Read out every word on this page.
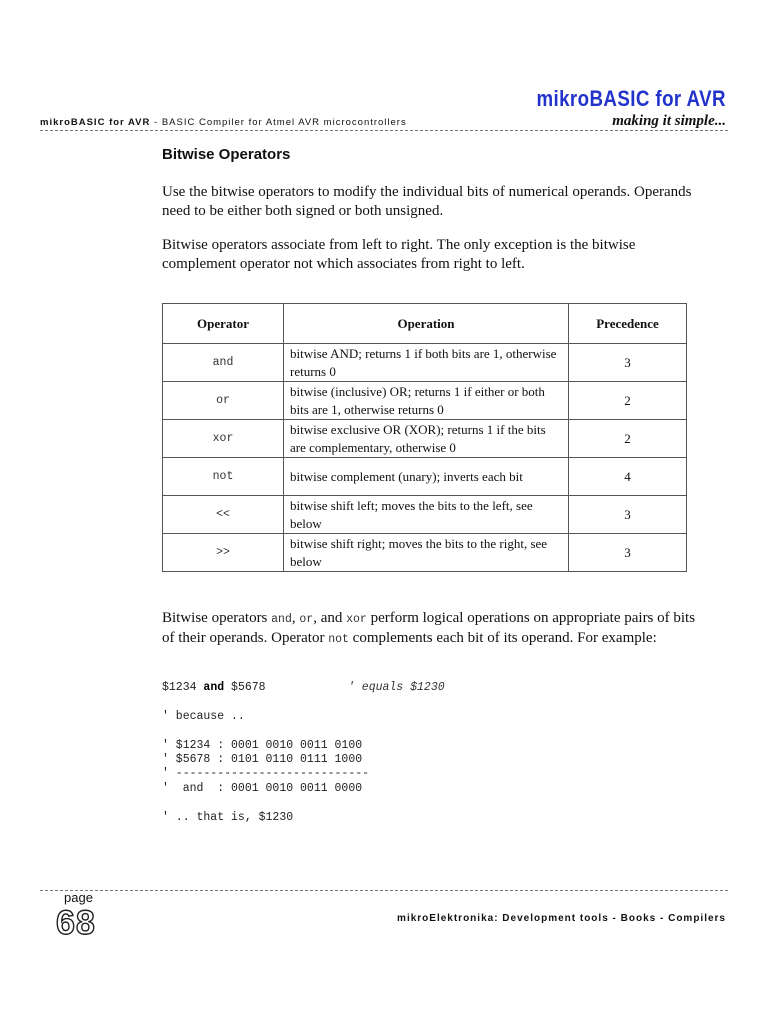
mikroBASIC for AVR
making it simple...
mikroBASIC for AVR - BASIC Compiler for Atmel AVR microcontrollers
Bitwise Operators

Use the bitwise operators to modify the individual bits of numerical operands. Operands need to be either both signed or both unsigned.

Bitwise operators associate from left to right. The only exception is the bitwise complement operator not which associates from right to left.

Operator	Operation	Precedence
and	bitwise AND; returns 1 if both bits are 1, otherwise returns 0	3
or	bitwise (inclusive) OR; returns 1 if either or both bits are 1, otherwise returns 0	2
xor	bitwise exclusive OR (XOR); returns 1 if the bits are complementary, otherwise 0	2
not	bitwise complement (unary); inverts each bit	4
<<	bitwise shift left; moves the bits to the left, see below	3
>>	bitwise shift right; moves the bits to the right, see below	3

Bitwise operators and, or, and xor perform logical operations on appropriate pairs of bits of their operands. Operator not complements each bit of its operand. For example:

$1234 and $5678	' equals $1230
' because ..
' $1234 : 0001 0010 0011 0100
' $5678 : 0101 0110 0111 1000
' ----------------------------
'  and  : 0001 0010 0011 0000
' .. that is, $1230
page
68	mikroElektronika: Development tools - Books - Compilers
